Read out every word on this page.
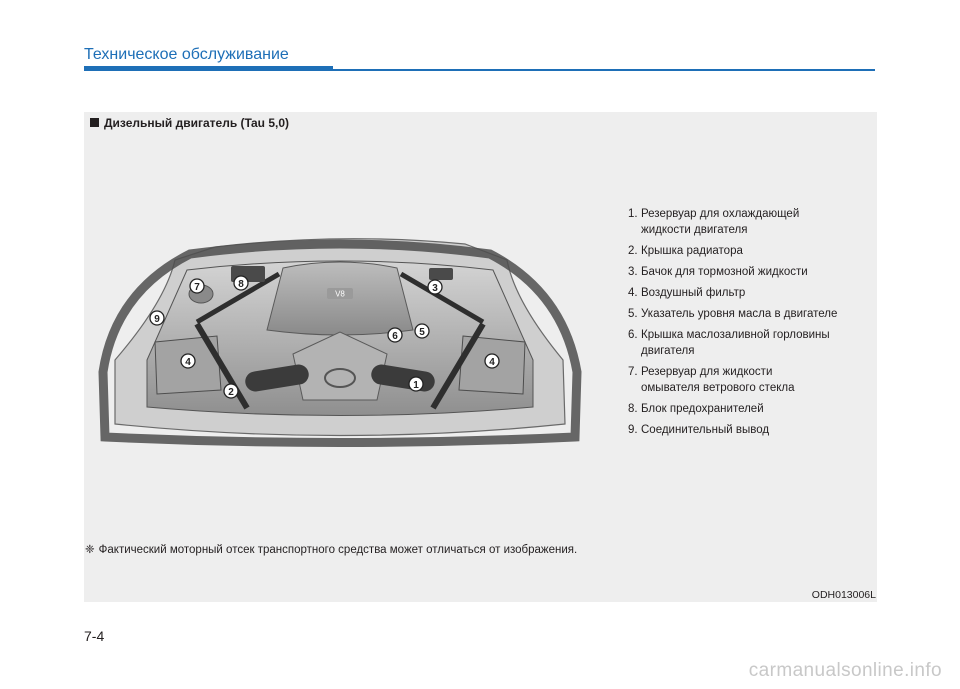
Техническое обслуживание
Дизельный двигатель (Tau 5,0)
V8
1
2
3
4	4
5
6
7	8
9
1. Резервуар для охлаждающей
жидкости двигателя
2. Крышка радиатора
3. Бачок для тормозной жидкости
4. Воздушный фильтр
5. Указатель уровня масла в двигателе
6. Крышка маслозаливной горловины
двигателя
7. Резервуар для жидкости
омывателя ветрового стекла
8. Блок предохранителей
9. Соединительный вывод
❈ Фактический моторный отсек транспортного средства может отличаться от изображения.
ODH013006L
7-4
carmanualsonline.info
